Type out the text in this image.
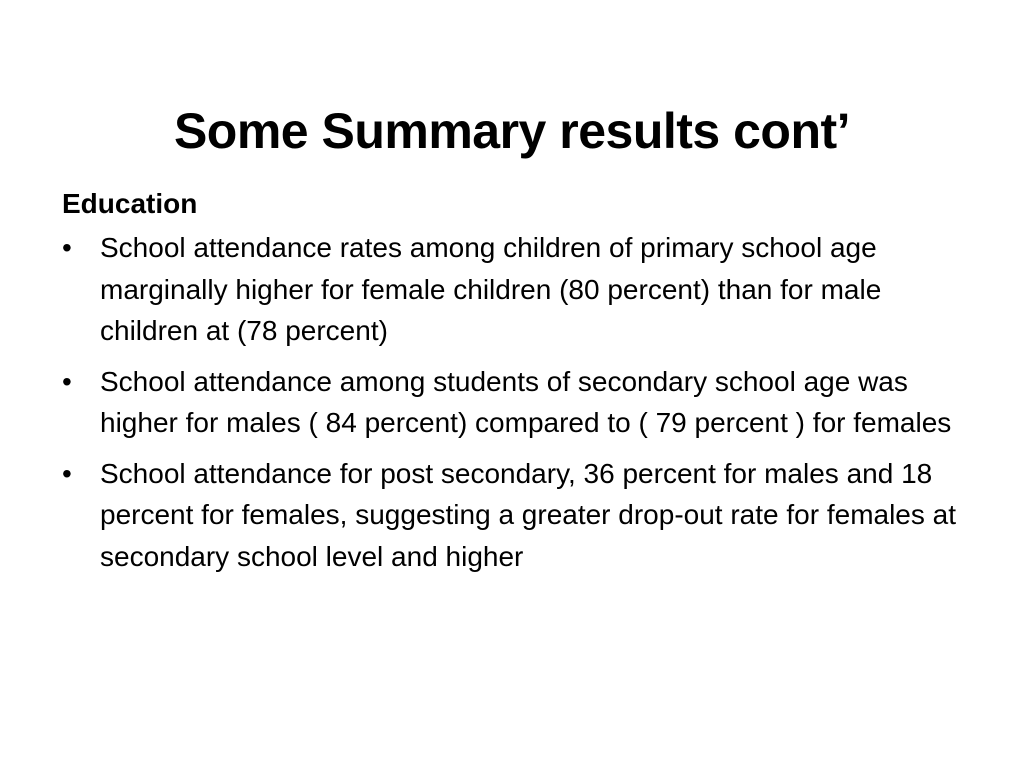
Some Summary results cont’
Education
• School attendance rates among children of primary school age marginally higher for female children (80 percent) than for male children at (78 percent)
• School attendance among students of secondary school age was higher for males ( 84 percent) compared to ( 79 percent ) for females
• School attendance for post secondary, 36 percent for males and 18 percent for females, suggesting a greater drop-out rate for females at secondary school level and higher
